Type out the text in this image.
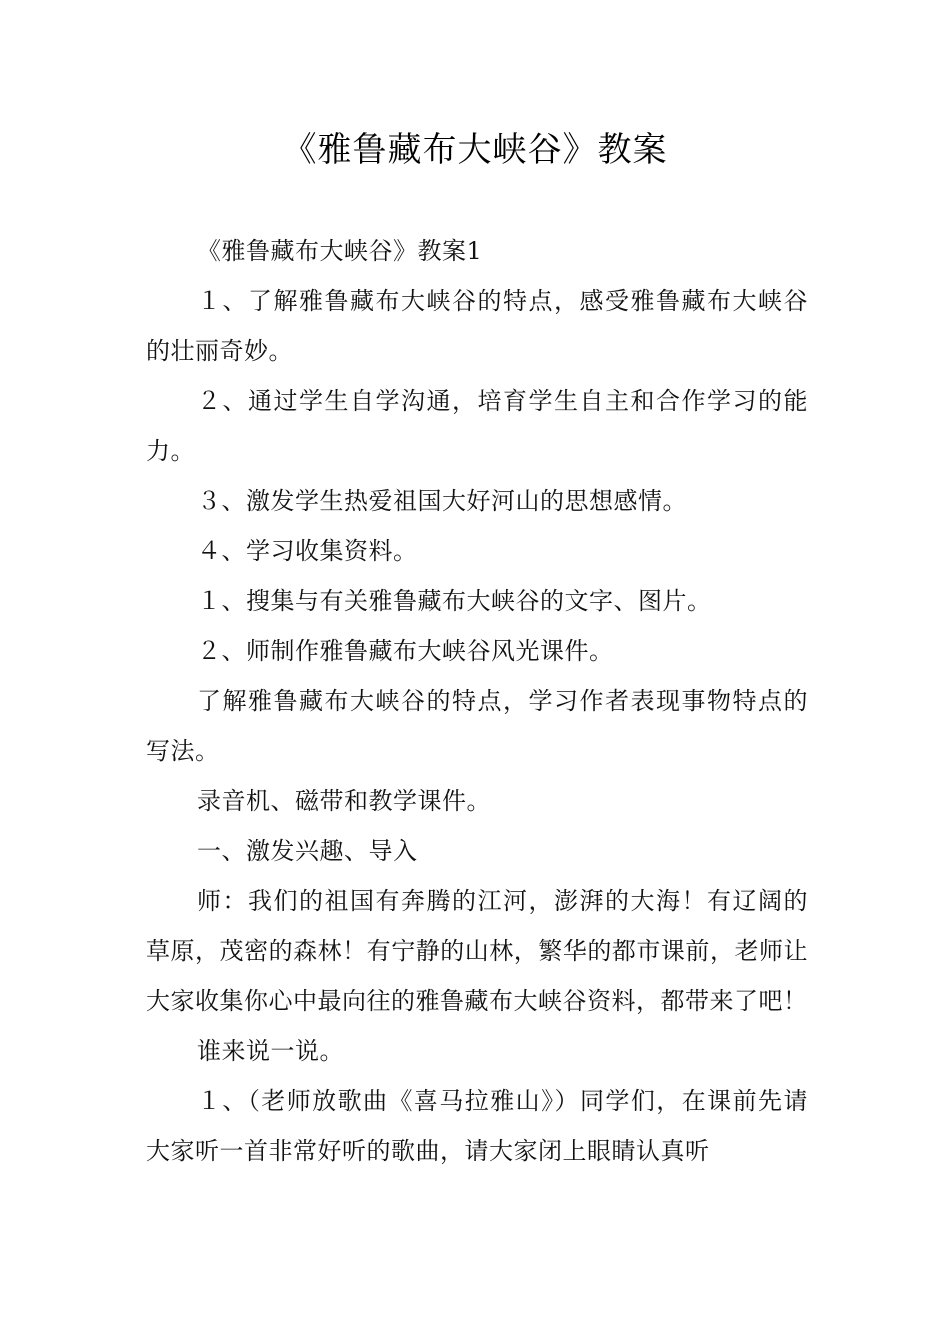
《雅鲁藏布大峡谷》教案

《雅鲁藏布大峡谷》教案1

１、了解雅鲁藏布大峡谷的特点，感受雅鲁藏布大峡谷的壮丽奇妙。

２、通过学生自学沟通，培育学生自主和合作学习的能力。

３、激发学生热爱祖国大好河山的思想感情。

４、学习收集资料。

１、搜集与有关雅鲁藏布大峡谷的文字、图片。

２、师制作雅鲁藏布大峡谷风光课件。

了解雅鲁藏布大峡谷的特点，学习作者表现事物特点的写法。

录音机、磁带和教学课件。

一、激发兴趣、导入

师：我们的祖国有奔腾的江河，澎湃的大海！有辽阔的草原，茂密的森林！有宁静的山林，繁华的都市课前，老师让大家收集你心中最向往的雅鲁藏布大峡谷资料，都带来了吧！

谁来说一说。

１、（老师放歌曲《喜马拉雅山》）同学们，在课前先请大家听一首非常好听的歌曲，请大家闭上眼睛认真听
